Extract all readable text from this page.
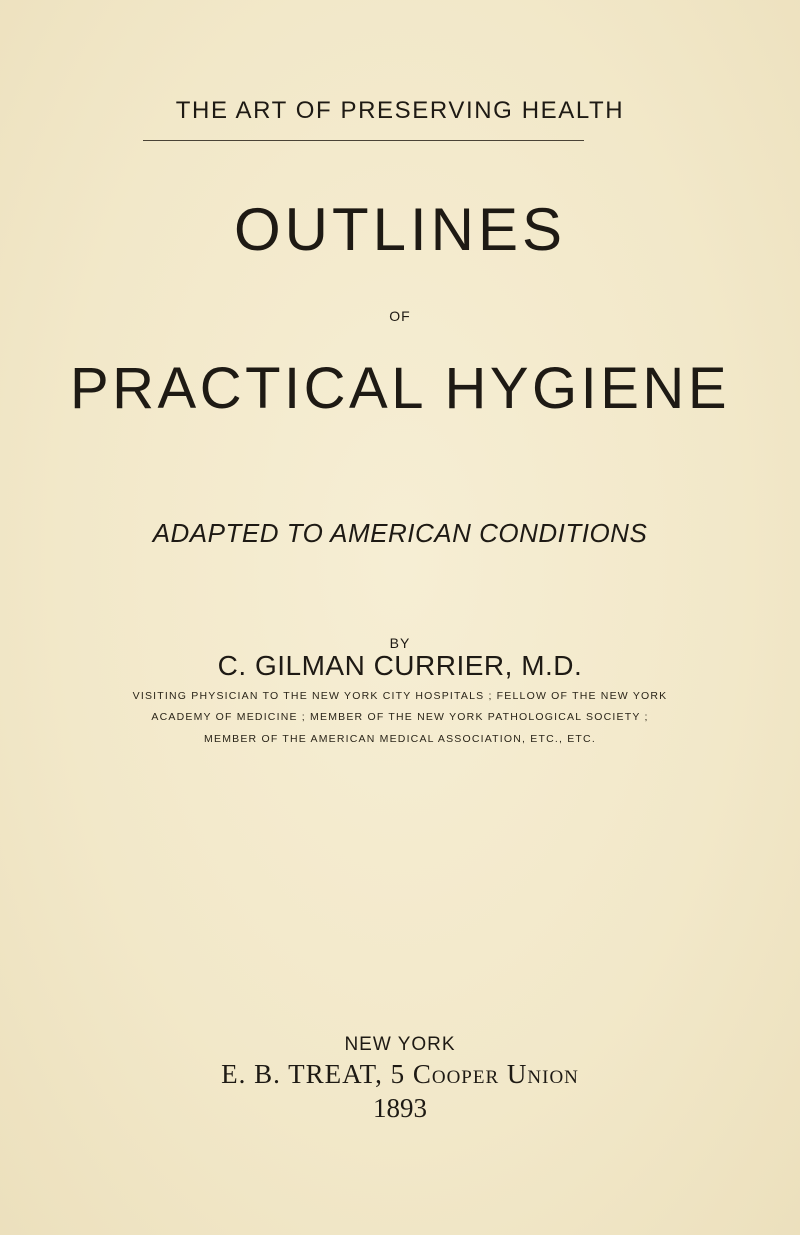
THE ART OF PRESERVING HEALTH
OUTLINES
OF
PRACTICAL HYGIENE
ADAPTED TO AMERICAN CONDITIONS
BY
C. GILMAN CURRIER, M.D.
VISITING PHYSICIAN TO THE NEW YORK CITY HOSPITALS ; FELLOW OF THE NEW YORK
ACADEMY OF MEDICINE ; MEMBER OF THE NEW YORK PATHOLOGICAL SOCIETY ;
MEMBER OF THE AMERICAN MEDICAL ASSOCIATION, ETC., ETC.
NEW YORK
E. B. TREAT, 5 Cooper Union
1893
